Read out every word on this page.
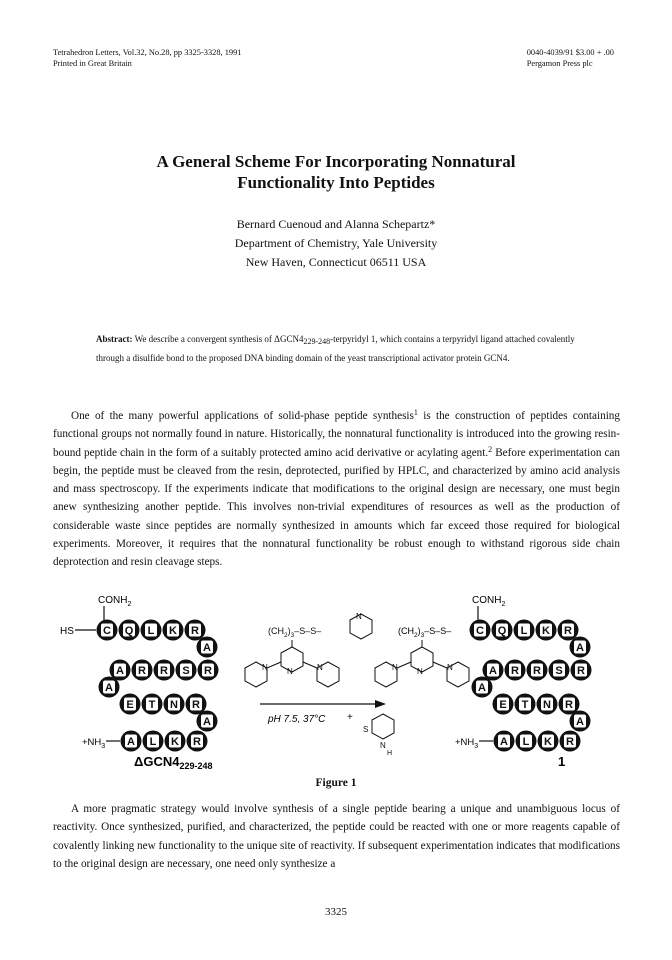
Tetrahedron Letters, Vol.32, No.28, pp 3325-3328, 1991
Printed in Great Britain
0040-4039/91 $3.00 + .00
Pergamon Press plc
A General Scheme For Incorporating Nonnatural
Functionality Into Peptides
Bernard Cuenoud and Alanna Schepartz*
Department of Chemistry, Yale University
New Haven, Connecticut 06511 USA
Abstract: We describe a convergent synthesis of $\Delta GCN4_{229-248}$-terpyridyl 1, which contains a terpyridyl ligand attached covalently through a disulfide bond to the proposed DNA binding domain of the yeast transcriptional activator protein GCN4.
One of the many powerful applications of solid-phase peptide synthesis$^1$ is the construction of peptides containing functional groups not normally found in nature. Historically, the nonnatural functionality is introduced into the growing resin-bound peptide chain in the form of a suitably protected amino acid derivative or acylating agent.$^2$ Before experimentation can begin, the peptide must be cleaved from the resin, deprotected, purified by HPLC, and characterized by amino acid analysis and mass spectroscopy. If the experiments indicate that modifications to the original design are necessary, one must begin anew synthesizing another peptide. This involves non-trivial expenditures of resources as well as the production of considerable waste since peptides are normally synthesized in amounts which far exceed those required for biological experiments. Moreover, it requires that the nonnatural functionality be robust enough to withstand rigorous side chain deprotection and resin cleavage steps.
$CONH_2$
HS	C Q L K R
A
A R R S R
A
E T N R
A
A L K R
$+NH_3$
$\Delta GCN4_{229-248}$
$(CH_2)_3-S-S-$
N
N N	N
pH 7.5, 37°C +
S
N
H
$CONH_2$
$(CH_2)_3-S-S-$
N N	N
C Q L K R
A
A R R S R
A
E T N R
A
A L K R
$+NH_3$
1
Figure 1
A more pragmatic strategy would involve synthesis of a single peptide bearing a unique and unambiguous locus of reactivity. Once synthesized, purified, and characterized, the peptide could be reacted with one or more reagents capable of covalently linking new functionality to the unique site of reactivity. If subsequent experimentation indicates that modifications to the original design are necessary, one need only synthesize a
3325
